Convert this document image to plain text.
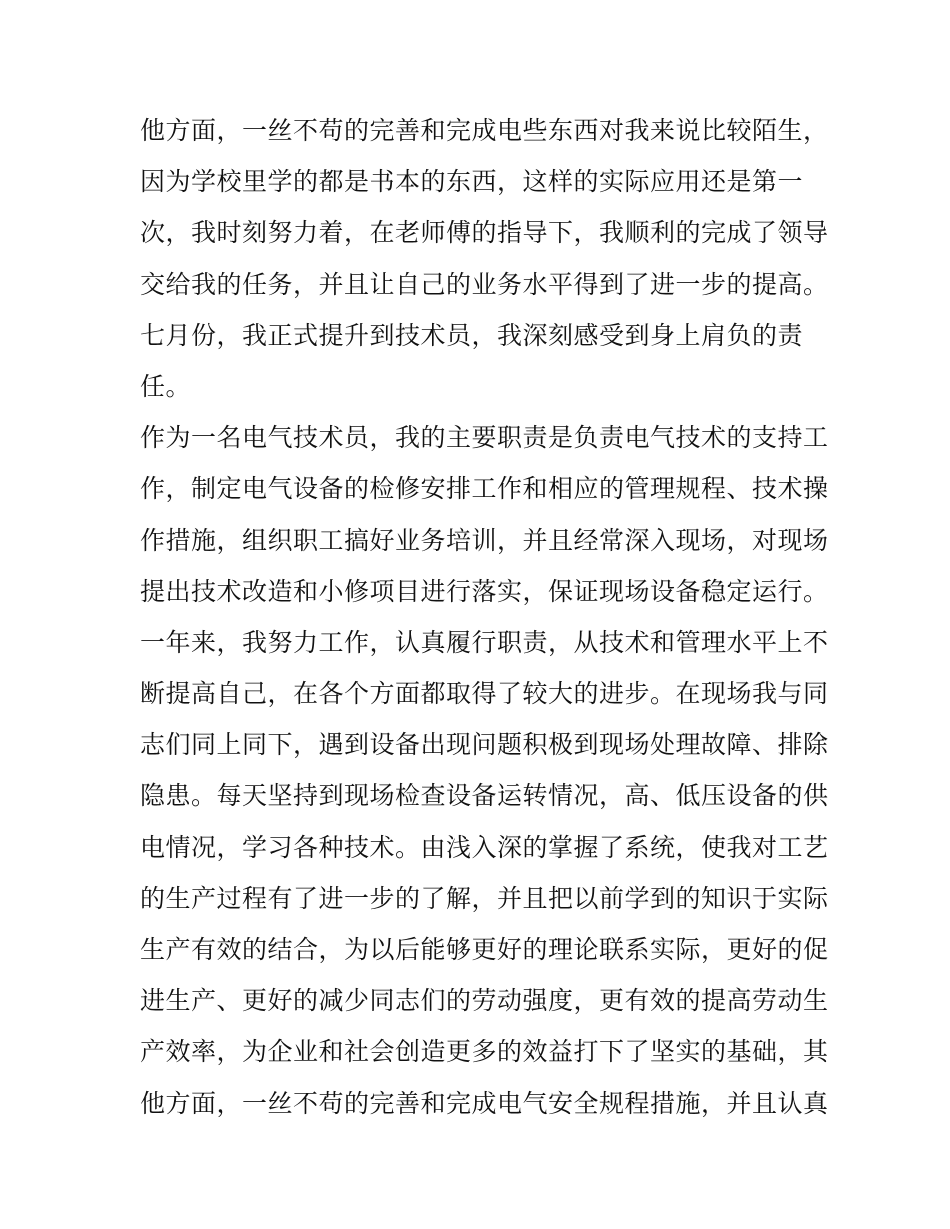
他方面，一丝不苟的完善和完成电些东西对我来说比较陌生，
因为学校里学的都是书本的东西，这样的实际应用还是第一
次，我时刻努力着，在老师傅的指导下，我顺利的完成了领导
交给我的任务，并且让自己的业务水平得到了进一步的提高。
七月份，我正式提升到技术员，我深刻感受到身上肩负的责
任。
作为一名电气技术员，我的主要职责是负责电气技术的支持工
作，制定电气设备的检修安排工作和相应的管理规程、技术操
作措施，组织职工搞好业务培训，并且经常深入现场，对现场
提出技术改造和小修项目进行落实，保证现场设备稳定运行。
一年来，我努力工作，认真履行职责，从技术和管理水平上不
断提高自己，在各个方面都取得了较大的进步。在现场我与同
志们同上同下，遇到设备出现问题积极到现场处理故障、排除
隐患。每天坚持到现场检查设备运转情况，高、低压设备的供
电情况，学习各种技术。由浅入深的掌握了系统，使我对工艺
的生产过程有了进一步的了解，并且把以前学到的知识于实际
生产有效的结合，为以后能够更好的理论联系实际，更好的促
进生产、更好的减少同志们的劳动强度，更有效的提高劳动生
产效率，为企业和社会创造更多的效益打下了坚实的基础，其
他方面，一丝不苟的完善和完成电气安全规程措施，并且认真
